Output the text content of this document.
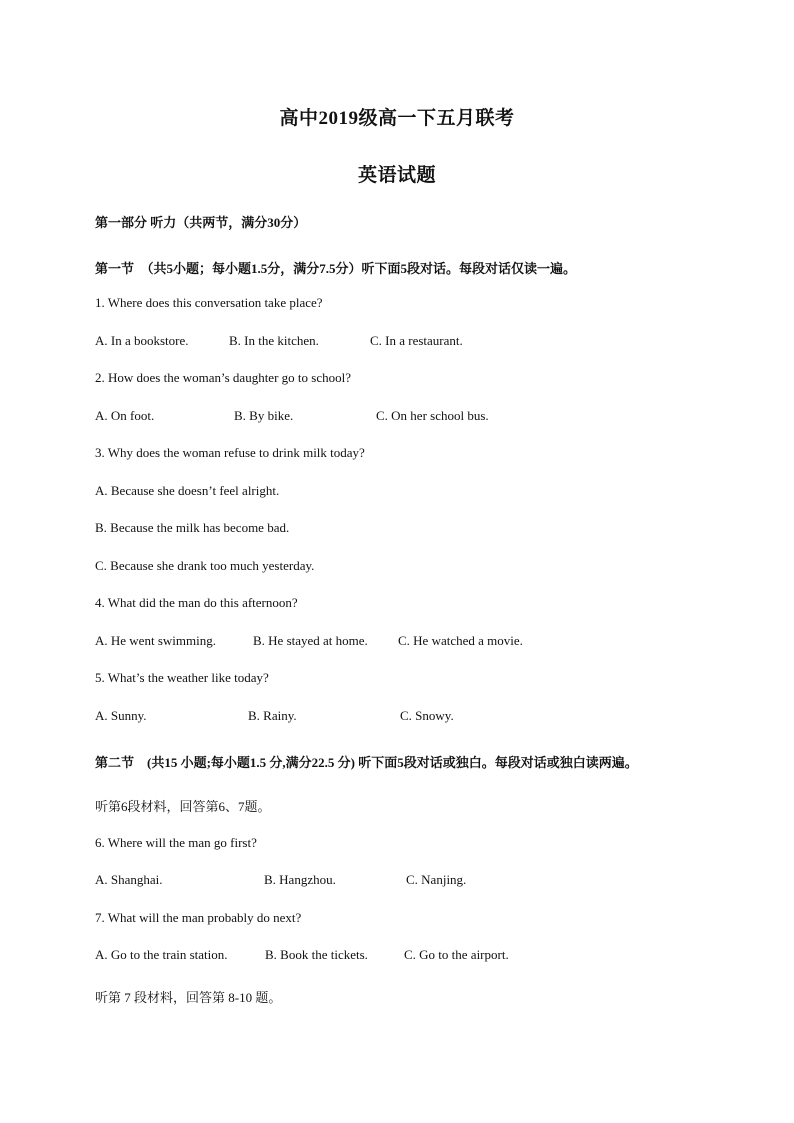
高中2019级高一下五月联考
英语试题
第一部分 听力（共两节，满分30分）
第一节　（共5小题；每小题1.5分，满分7.5分）听下面5段对话。每段对话仅读一遍。
1. Where does this conversation take place?
A. In a bookstore.	B. In the kitchen.	C. In a restaurant.
2. How does the woman’s daughter go to school?
A. On foot.	B. By bike.	C. On her school bus.
3. Why does the woman refuse to drink milk today?
A. Because she doesn’t feel alright.
B. Because the milk has become bad.
C. Because she drank too much yesterday.
4. What did the man do this afternoon?
A. He went swimming.	B. He stayed at home. C. He watched a movie.
5. What’s the weather like today?
A. Sunny.	B. Rainy.	C. Snowy.
第二节　(共15 小题;每小题1.5 分,满分22.5 分) 听下面5段对话或独白。每段对话或独白读两遍。
听第6段材料，回答第6、7题。
6. Where will the man go first?
A. Shanghai.	B. Hangzhou.	C. Nanjing.
7. What will the man probably do next?
A. Go to the train station.	B. Book the tickets.	C. Go to the airport.
听第 7 段材料，回答第 8-10 题。
